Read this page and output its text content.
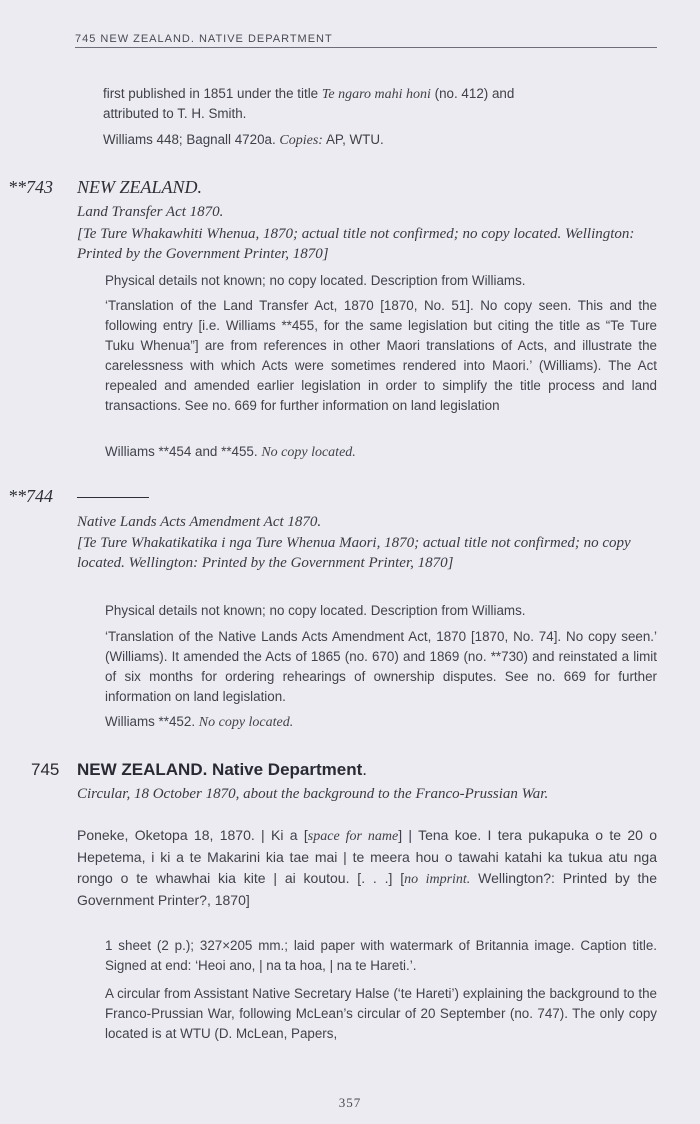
745 NEW ZEALAND. NATIVE DEPARTMENT
first published in 1851 under the title Te ngaro mahi honi (no. 412) and
attributed to T. H. Smith.
Williams 448; Bagnall 4720a. Copies: AP, WTU.
**743 NEW ZEALAND.
Land Transfer Act 1870.
[Te Ture Whakawhiti Whenua, 1870; actual title not confirmed; no copy located. Wellington: Printed by the Government Printer, 1870]
Physical details not known; no copy located. Description from Williams.
‘Translation of the Land Transfer Act, 1870 [1870, No. 51]. No copy seen. This and the following entry [i.e. Williams **455, for the same legislation but citing the title as “Te Ture Tuku Whenua”] are from references in other Maori translations of Acts, and illustrate the carelessness with which Acts were sometimes rendered into Maori.’ (Williams). The Act repealed and amended earlier legislation in order to simplify the title process and land transactions. See no. 669 for further information on land legislation
Williams **454 and **455. No copy located.
**744
Native Lands Acts Amendment Act 1870.
[Te Ture Whakatikatika i nga Ture Whenua Maori, 1870; actual title not confirmed; no copy located. Wellington: Printed by the Government Printer, 1870]
Physical details not known; no copy located. Description from Williams.
‘Translation of the Native Lands Acts Amendment Act, 1870 [1870, No. 74]. No copy seen.’ (Williams). It amended the Acts of 1865 (no. 670) and 1869 (no. **730) and reinstated a limit of six months for ordering rehearings of ownership disputes. See no. 669 for further information on land legislation.
Williams **452. No copy located.
745 NEW ZEALAND. Native Department.
Circular, 18 October 1870, about the background to the Franco-Prussian War.
Poneke, Oketopa 18, 1870. | Ki a [space for name] | Tena koe. I tera pukapuka o te 20 o Hepetema, i ki a te Makarini kia tae mai | te meera hou o tawahi katahi ka tukua atu nga rongo o te whawhai kia kite | ai koutou. [. . .] [no imprint. Wellington?: Printed by the Government Printer?, 1870]
1 sheet (2 p.); 327×205 mm.; laid paper with watermark of Britannia image. Caption title. Signed at end: ‘Heoi ano, | na ta hoa, | na te Hareti.’.
A circular from Assistant Native Secretary Halse (‘te Hareti’) explaining the background to the Franco-Prussian War, following McLean’s circular of 20 September (no. 747). The only copy located is at WTU (D. McLean, Papers,
357
